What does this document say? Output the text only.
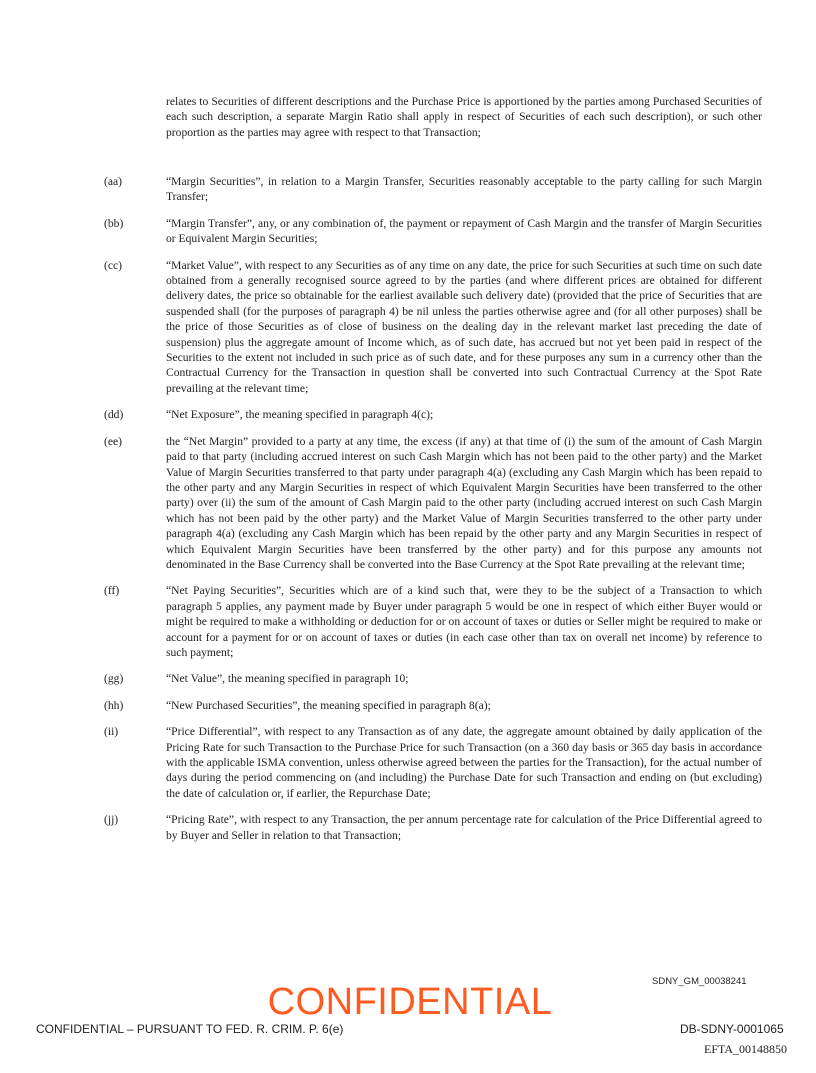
relates to Securities of different descriptions and the Purchase Price is apportioned by the parties among Purchased Securities of each such description, a separate Margin Ratio shall apply in respect of Securities of each such description), or such other proportion as the parties may agree with respect to that Transaction;

(aa)	“Margin Securities”, in relation to a Margin Transfer, Securities reasonably acceptable to the party calling for such Margin Transfer;
(bb)	“Margin Transfer”, any, or any combination of, the payment or repayment of Cash Margin and the transfer of Margin Securities or Equivalent Margin Securities;
(cc)	“Market Value”, with respect to any Securities as of any time on any date, the price for such Securities at such time on such date obtained from a generally recognised source agreed to by the parties (and where different prices are obtained for different delivery dates, the price so obtainable for the earliest available such delivery date) (provided that the price of Securities that are suspended shall (for the purposes of paragraph 4) be nil unless the parties otherwise agree and (for all other purposes) shall be the price of those Securities as of close of business on the dealing day in the relevant market last preceding the date of suspension) plus the aggregate amount of Income which, as of such date, has accrued but not yet been paid in respect of the Securities to the extent not included in such price as of such date, and for these purposes any sum in a currency other than the Contractual Currency for the Transaction in question shall be converted into such Contractual Currency at the Spot Rate prevailing at the relevant time;
(dd)	“Net Exposure”, the meaning specified in paragraph 4(c);
(ee)	the “Net Margin” provided to a party at any time, the excess (if any) at that time of (i) the sum of the amount of Cash Margin paid to that party (including accrued interest on such Cash Margin which has not been paid to the other party) and the Market Value of Margin Securities transferred to that party under paragraph 4(a) (excluding any Cash Margin which has been repaid to the other party and any Margin Securities in respect of which Equivalent Margin Securities have been transferred to the other party) over (ii) the sum of the amount of Cash Margin paid to the other party (including accrued interest on such Cash Margin which has not been paid by the other party) and the Market Value of Margin Securities transferred to the other party under paragraph 4(a) (excluding any Cash Margin which has been repaid by the other party and any Margin Securities in respect of which Equivalent Margin Securities have been transferred by the other party) and for this purpose any amounts not denominated in the Base Currency shall be converted into the Base Currency at the Spot Rate prevailing at the relevant time;
(ff)	“Net Paying Securities”, Securities which are of a kind such that, were they to be the subject of a Transaction to which paragraph 5 applies, any payment made by Buyer under paragraph 5 would be one in respect of which either Buyer would or might be required to make a withholding or deduction for or on account of taxes or duties or Seller might be required to make or account for a payment for or on account of taxes or duties (in each case other than tax on overall net income) by reference to such payment;
(gg)	“Net Value”, the meaning specified in paragraph 10;
(hh)	“New Purchased Securities”, the meaning specified in paragraph 8(a);
(ii)	“Price Differential”, with respect to any Transaction as of any date, the aggregate amount obtained by daily application of the Pricing Rate for such Transaction to the Purchase Price for such Transaction (on a 360 day basis or 365 day basis in accordance with the applicable ISMA convention, unless otherwise agreed between the parties for the Transaction), for the actual number of days during the period commencing on (and including) the Purchase Date for such Transaction and ending on (but excluding) the date of calculation or, if earlier, the Repurchase Date;
(jj)	“Pricing Rate”, with respect to any Transaction, the per annum percentage rate for calculation of the Price Differential agreed to by Buyer and Seller in relation to that Transaction;
SDNY_GM_00038241
CONFIDENTIAL
CONFIDENTIAL – PURSUANT TO FED. R. CRIM. P. 6(e)	DB-SDNY-0001065
EFTA_00148850
